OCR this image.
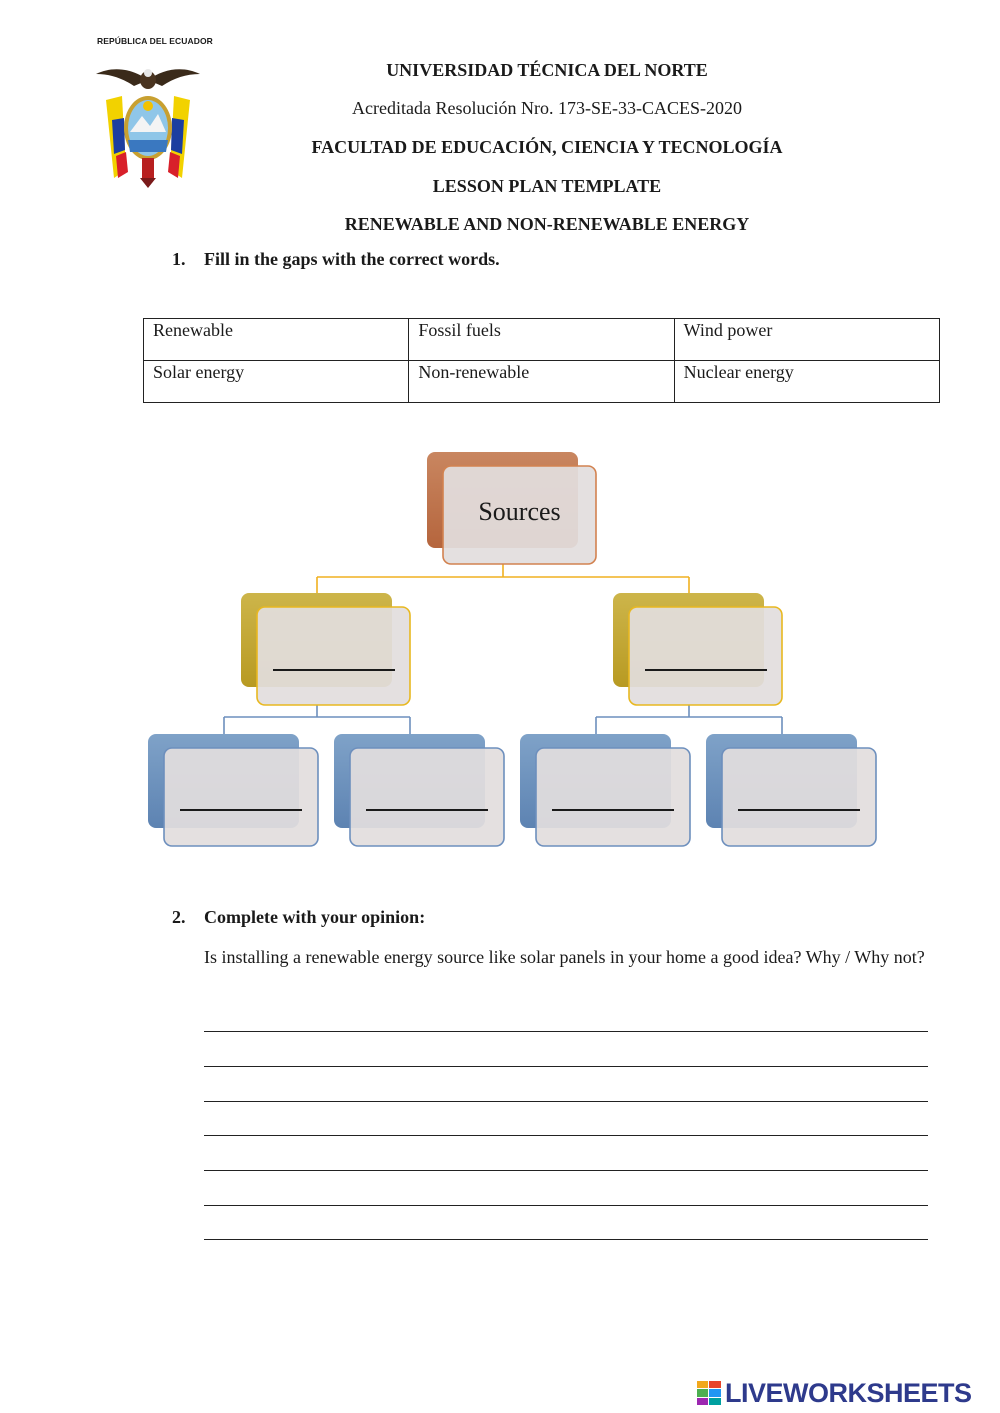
REPÚBLICA DEL ECUADOR
UNIVERSIDAD TÉCNICA DEL NORTE
Acreditada Resolución Nro. 173-SE-33-CACES-2020
FACULTAD DE EDUCACIÓN, CIENCIA Y TECNOLOGÍA
LESSON PLAN TEMPLATE
RENEWABLE AND NON-RENEWABLE ENERGY
1. Fill in the gaps with the correct words.
Renewable	Fossil fuels	Wind power
Solar energy	Non-renewable	Nuclear energy
Sources
2. Complete with your opinion:
Is installing a renewable energy source like solar panels in your home a good idea? Why / Why not?
LIVEWORKSHEETS
